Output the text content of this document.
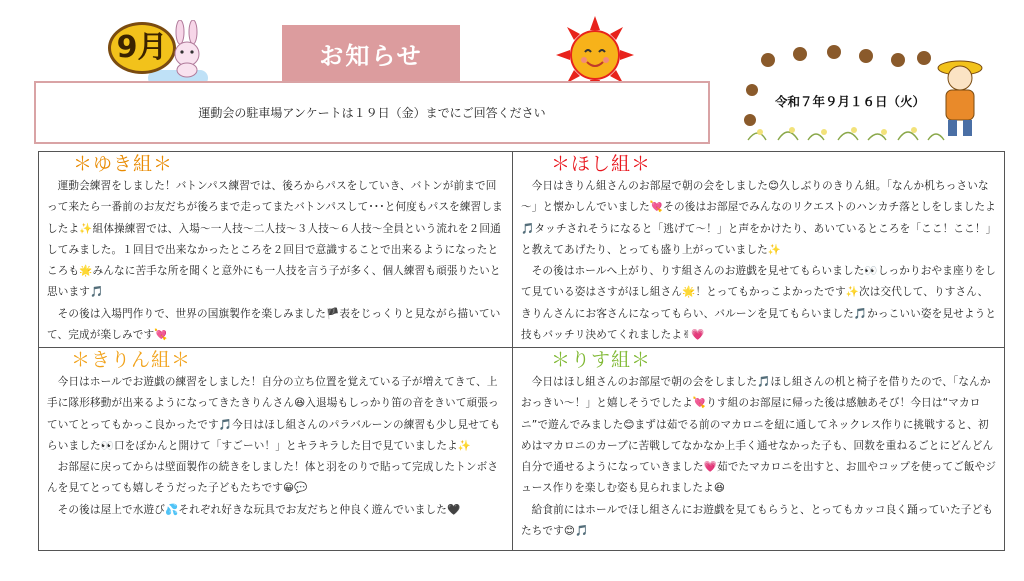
9月	お知らせ
運動会の駐車場アンケートは１９日（金）までにご回答ください
令和７年９月１６日（火）
＊ゆき組＊

運動会練習をしました！バトンパス練習では、後ろからパスをしていき、バトンが前まで回って来たら一番前のお友だちが後ろまで走ってまたバトンパスして･･･と何度もパスを練習しましたよ✨組体操練習では、入場～一人技～二人技～３人技～６人技～全員という流れを２回通してみました。１回目で出来なかったところを２回目で意識することで出来るようになったところも🌟みんなに苦手な所を聞くと意外にも一人技を言う子が多く、個人練習も頑張りたいと思います🎵

その後は入場門作りで、世界の国旗製作を楽しみました🏴表をじっくりと見ながら描いていて、完成が楽しみです💘

＊ほし組＊

今日はきりん組さんのお部屋で朝の会をしました😊久しぶりのきりん組。「なんか机ちっさいな～」と懐かしんでいました💘その後はお部屋でみんなのリクエストのハンカチ落としをしましたよ🎵タッチされそうになると「逃げて～！」と声をかけたり、あいているところを「ここ！ここ！」と教えてあげたり、とっても盛り上がっていました✨

その後はホールへ上がり、りす組さんのお遊戯を見せてもらいました👀しっかりおやま座りをして見ている姿はさすがほし組さん🌟！とってもかっこよかったです✨次は交代して、りすさん、きりんさんにお客さんになってもらい、バルーンを見てもらいました🎵かっこいい姿を見せようと技もバッチリ決めてくれましたよ✌💗

＊きりん組＊

今日はホールでお遊戯の練習をしました！自分の立ち位置を覚えている子が増えてきて、上手に隊形移動が出来るようになってきたきりんさん😆入退場もしっかり笛の音をきいて頑張っていてとってもかっこ良かったです🎵今日はほし組さんのパラバルーンの練習も少し見せてもらいました👀口をぽかんと開けて「すごーい！」とキラキラした目で見ていましたよ✨

お部屋に戻ってからは壁面製作の続きをしました！体と羽をのりで貼って完成したトンボさんを見てとっても嬉しそうだった子どもたちです😀💬

その後は屋上で水遊び💦それぞれ好きな玩具でお友だちと仲良く遊んでいました🖤

＊りす組＊

今日はほし組さんのお部屋で朝の会をしました🎵ほし組さんの机と椅子を借りたので、「なんかおっきい～！」と嬉しそうでしたよ💘りす組のお部屋に帰った後は感触あそび！今日は“マカロニ”で遊んでみました😊まずは茹でる前のマカロニを紐に通してネックレス作りに挑戦すると、初めはマカロニのカーブに苦戦してなかなか上手く通せなかった子も、回数を重ねるごとにどんどん自分で通せるようになっていきました💗茹でたマカロニを出すと、お皿やコップを使ってご飯やジュース作りを楽しむ姿も見られましたよ😆

給食前にはホールでほし組さんにお遊戯を見てもらうと、とってもカッコ良く踊っていた子どもたちです😊🎵
